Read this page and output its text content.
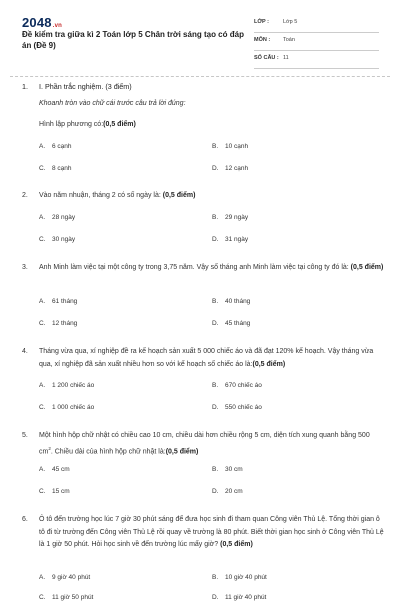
2048.vn
Đề kiểm tra giữa kì 2 Toán lớp 5 Chân trời sáng tạo có đáp án (Đề 9)
LỚP :	Lớp 5
MÔN : Toán
SỐ CÂU : 11
1. I. Phần trắc nghiệm. (3 điểm)
Khoanh tròn vào chữ cái trước câu trả lời đúng:
Hình lập phương có:(0,5 điểm)
A. 6 cạnh	B. 10 cạnh
C. 8 cạnh	D. 12 cạnh
2. Vào năm nhuận, tháng 2 có số ngày là: (0,5 điểm)
A. 28 ngày	B. 29 ngày
C. 30 ngày	D. 31 ngày
3. Anh Minh làm việc tại một công ty trong 3,75 năm. Vậy số tháng anh Minh làm việc tại công ty đó là: (0,5 điểm)
A. 61 tháng	B. 40 tháng
C. 12 tháng	D. 45 tháng
4. Tháng vừa qua, xí nghiệp đề ra kế hoạch sản xuất 5 000 chiếc áo và đã đạt 120% kế hoạch. Vậy tháng vừa qua, xí nghiệp đã sản xuất nhiều hơn so với kế hoạch số chiếc áo là:(0,5 điểm)
A. 1 200 chiếc áo	B. 670 chiếc áo
C. 1 000 chiếc áo	D. 550 chiếc áo
5. Một hình hộp chữ nhật có chiều cao 10 cm, chiều dài hơn chiều rộng 5 cm, diện tích xung quanh bằng 500 $cm^2$. Chiều dài của hình hộp chữ nhật là:(0,5 điểm)
A. 45 cm	B. 30 cm
C. 15 cm	D. 20 cm
6. Ô tô đến trường học lúc 7 giờ 30 phút sáng để đưa học sinh đi tham quan Công viên Thủ Lệ. Tổng thời gian ô tô đi từ trường đến Công viên Thủ Lệ rồi quay về trường là 80 phút. Biết thời gian học sinh ở Công viên Thủ Lệ là 1 giờ 50 phút. Hỏi học sinh về đến trường lúc mấy giờ? (0,5 điểm)
A. 9 giờ 40 phút	B. 10 giờ 40 phút
C. 11 giờ 50 phút	D. 11 giờ 40 phút
